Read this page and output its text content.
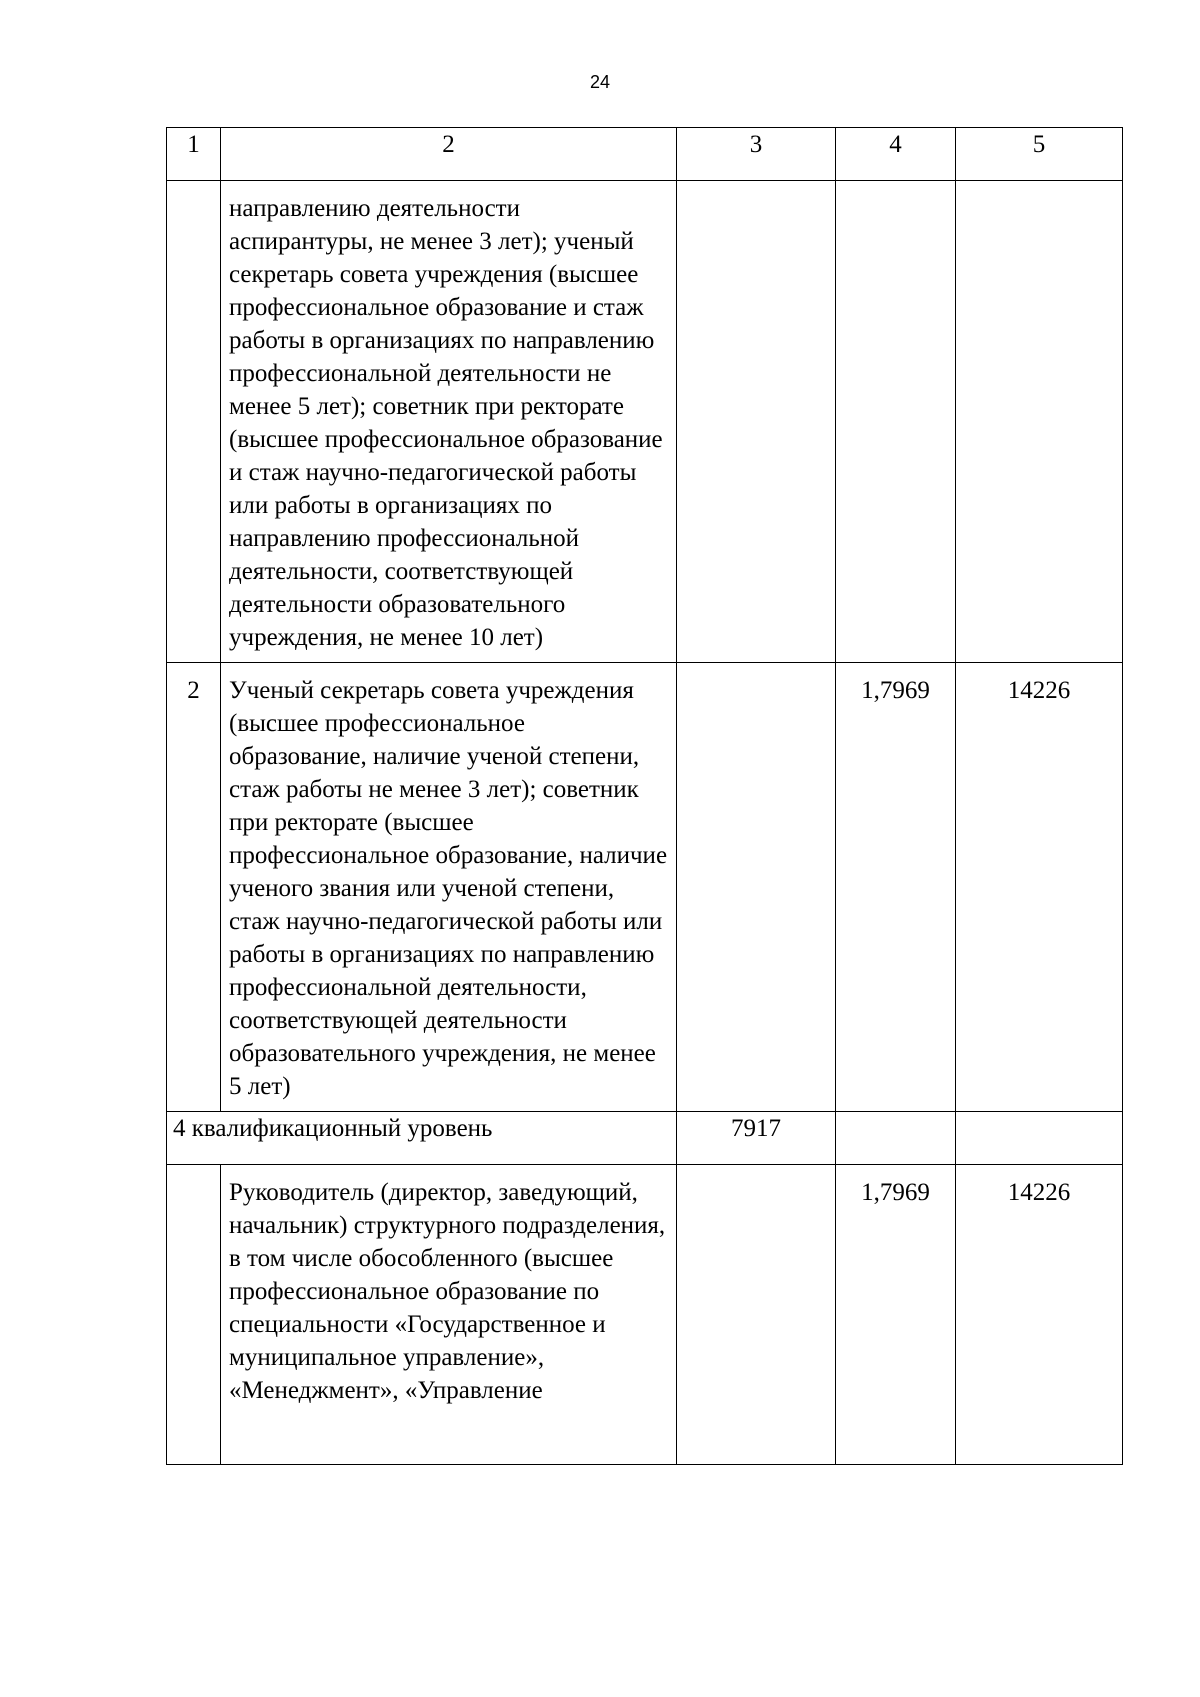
24
1	2	3	4	5
	направлению деятельности аспирантуры, не менее 3 лет); ученый секретарь совета учреждения (высшее профессиональное образование и стаж работы в организациях по направлению профессиональной деятельности не менее 5 лет); советник при ректорате (высшее профессиональное образование и стаж научно-педагогической работы или работы в организациях по направлению профессиональной деятельности, соответствующей деятельности образовательного учреждения, не менее 10 лет)			
2	Ученый секретарь совета учреждения (высшее профессиональное образование, наличие ученой степени, стаж работы не менее 3 лет); советник при ректорате (высшее профессиональное образование, наличие ученого звания или ученой степени, стаж научно-педагогической работы или работы в организациях по направлению профессиональной деятельности, соответствующей деятельности образовательного учреждения, не менее 5 лет)		1,7969	14226
4 квалификационный уровень		7917		
	Руководитель (директор, заведующий, начальник) структурного подразделения, в том числе обособленного (высшее профессиональное образование по специальности «Государственное и муниципальное управление», «Менеджмент», «Управление		1,7969	14226
